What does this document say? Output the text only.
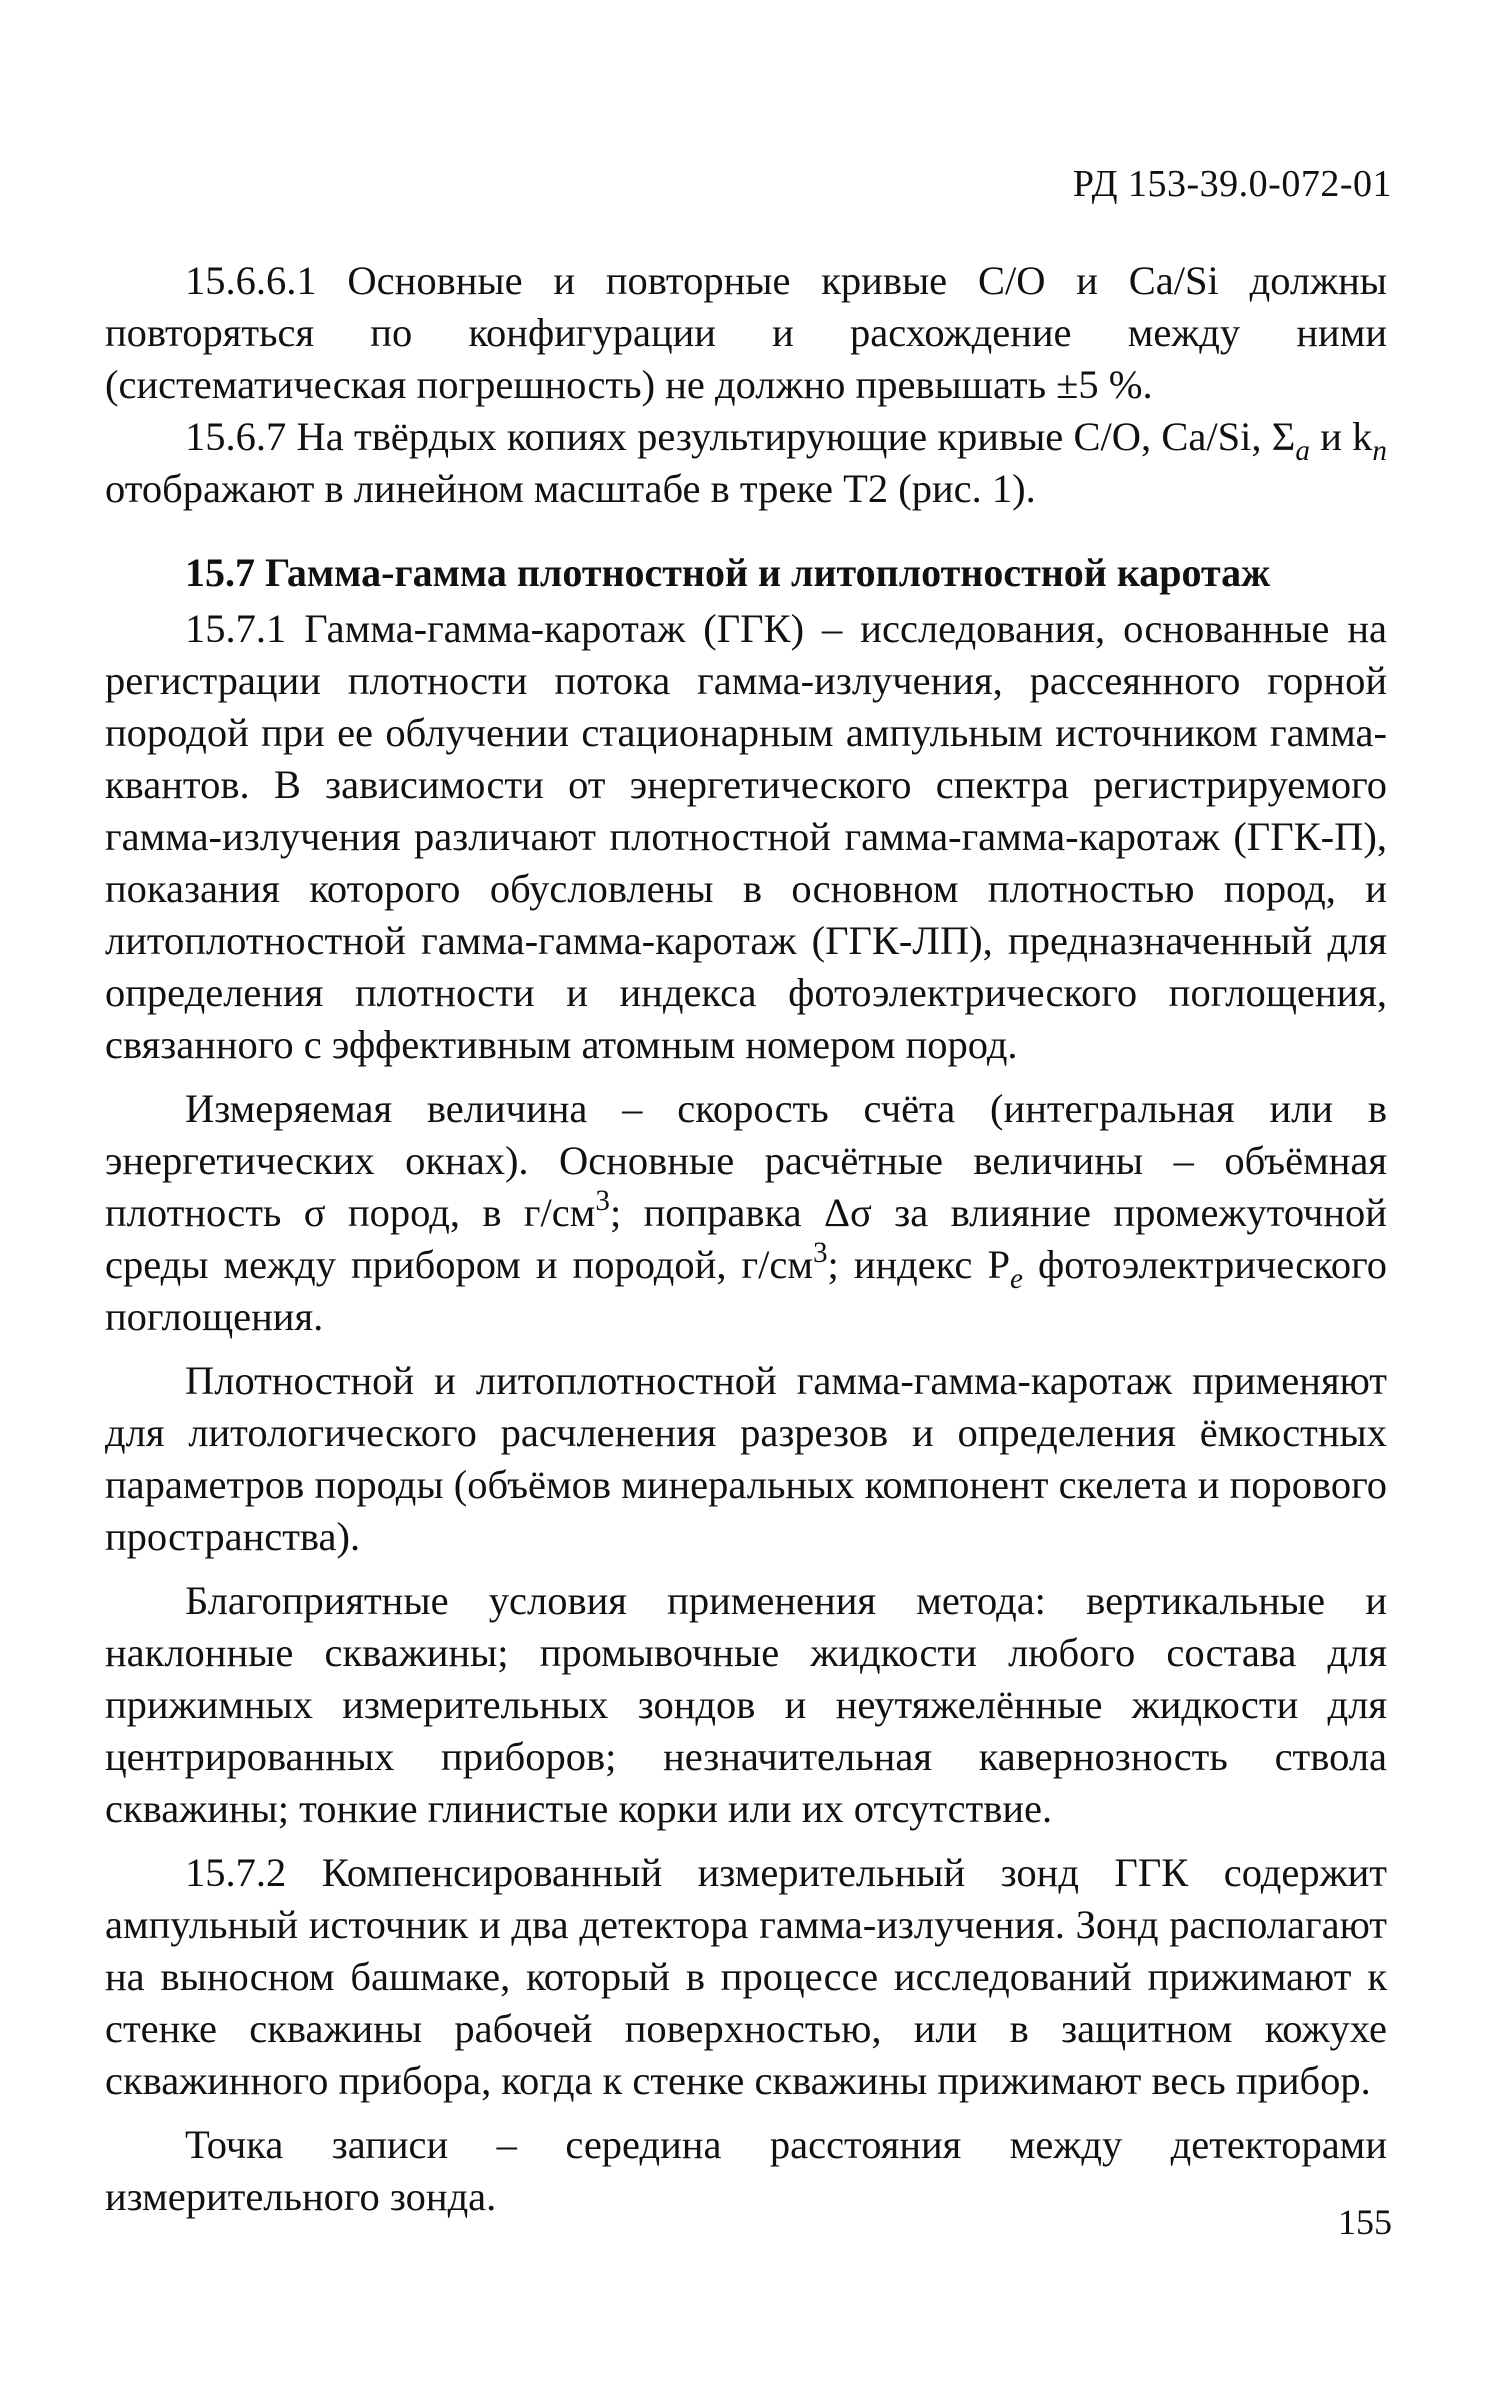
РД 153-39.0-072-01

15.6.6.1 Основные и повторные кривые C/O и Ca/Si должны повторяться по конфигурации и расхождение между ними (систематическая погрешность) не должно превышать ±5 %.

15.6.7 На твёрдых копиях результирующие кривые C/O, Ca/Si, $\Sigma_a$ и $k_n$ отображают в линейном масштабе в треке T2 (рис. 1).

15.7 Гамма-гамма плотностной и литоплотностной каротаж

15.7.1 Гамма-гамма-каротаж (ГГК) – исследования, основанные на регистрации плотности потока гамма-излучения, рассеянного горной породой при ее облучении стационарным ампульным источником гамма-квантов. В зависимости от энергетического спектра регистрируемого гамма-излучения различают плотностной гамма-гамма-каротаж (ГГК-П), показания которого обусловлены в основном плотностью пород, и литоплотностной гамма-гамма-каротаж (ГГК-ЛП), предназначенный для определения плотности и индекса фотоэлектрического поглощения, связанного с эффективным атомным номером пород.

Измеряемая величина – скорость счёта (интегральная или в энергетических окнах). Основные расчётные величины – объёмная плотность σ пород, в $г/см^3$; поправка Δσ за влияние промежуточной среды между прибором и породой, $г/см^3$; индекс $P_e$ фотоэлектрического поглощения.

Плотностной и литоплотностной гамма-гамма-каротаж применяют для литологического расчленения разрезов и определения ёмкостных параметров породы (объёмов минеральных компонент скелета и порового пространства).

Благоприятные условия применения метода: вертикальные и наклонные скважины; промывочные жидкости любого состава для прижимных измерительных зондов и неутяжелённые жидкости для центрированных приборов; незначительная кавернозность ствола скважины; тонкие глинистые корки или их отсутствие.

15.7.2 Компенсированный измерительный зонд ГГК содержит ампульный источник и два детектора гамма-излучения. Зонд располагают на выносном башмаке, который в процессе исследований прижимают к стенке скважины рабочей поверхностью, или в защитном кожухе скважинного прибора, когда к стенке скважины прижимают весь прибор.

Точка записи – середина расстояния между детекторами измерительного зонда.

155
